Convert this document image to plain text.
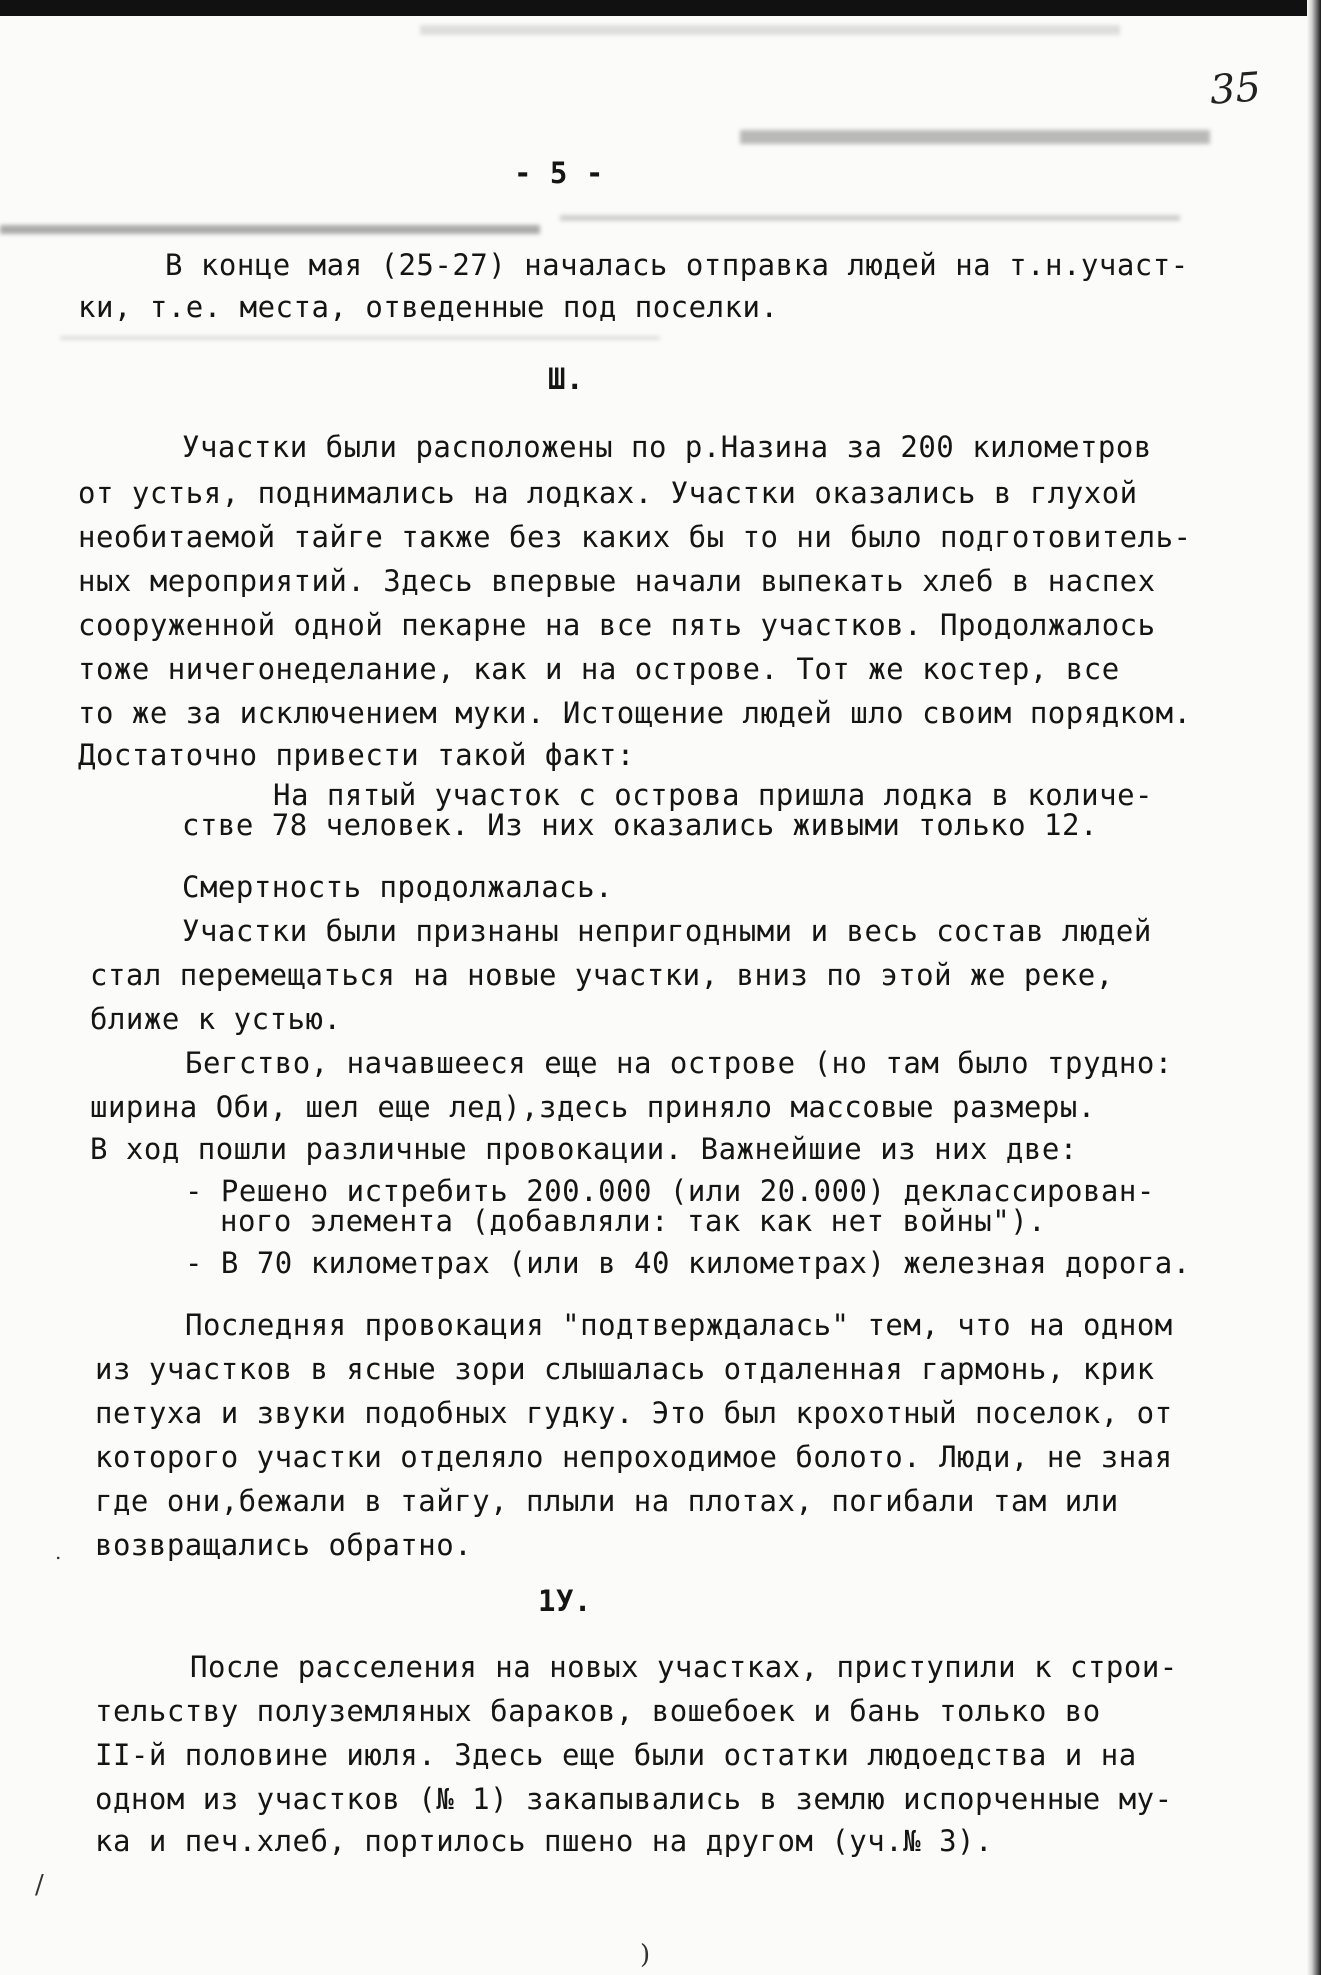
35
- 5 -
В конце мая (25-27) началась отправка людей на т.н.участ-
ки, т.е. места, отведенные под поселки.
Ш.
Участки были расположены по р.Назина за 200 километров
от устья, поднимались на лодках. Участки оказались в глухой
необитаемой тайге также без каких бы то ни было подготовитель-
ных мероприятий. Здесь впервые начали выпекать хлеб в наспех
сооруженной одной пекарне на все пять участков. Продолжалось
тоже ничегонеделание, как и на острове. Тот же костер, все
то же за исключением муки. Истощение людей шло своим порядком.
Достаточно привести такой факт:
На пятый участок с острова пришла лодка в количе-
стве 78 человек. Из них оказались живыми только 12.
Смертность продолжалась.
Участки были признаны непригодными и весь состав людей
стал перемещаться на новые участки, вниз по этой же реке,
ближе к устью.
Бегство, начавшееся еще на острове (но там было трудно:
ширина Оби, шел еще лед),здесь приняло массовые размеры.
В ход пошли различные провокации. Важнейшие из них две:
- Решено истребить 200.000 (или 20.000) деклассирован-
ного элемента (добавляли: так как нет войны").
- В 70 километрах (или в 40 километрах) железная дорога.
Последняя провокация "подтверждалась" тем, что на одном
из участков в ясные зори слышалась отдаленная гармонь, крик
петуха и звуки подобных гудку. Это был крохотный поселок, от
которого участки отделяло непроходимое болото. Люди, не зная
где они,бежали в тайгу, плыли на плотах, погибали там или
возвращались обратно.
1У.
После расселения на новых участках, приступили к строи-
тельству полуземляных бараков, вошебоек и бань только во
II-й половине июля. Здесь еще были остатки людоедства и на
одном из участков (№ 1) закапывались в землю испорченные му-
ка и печ.хлеб, портилось пшено на другом (уч.№ 3).
.
/
)
